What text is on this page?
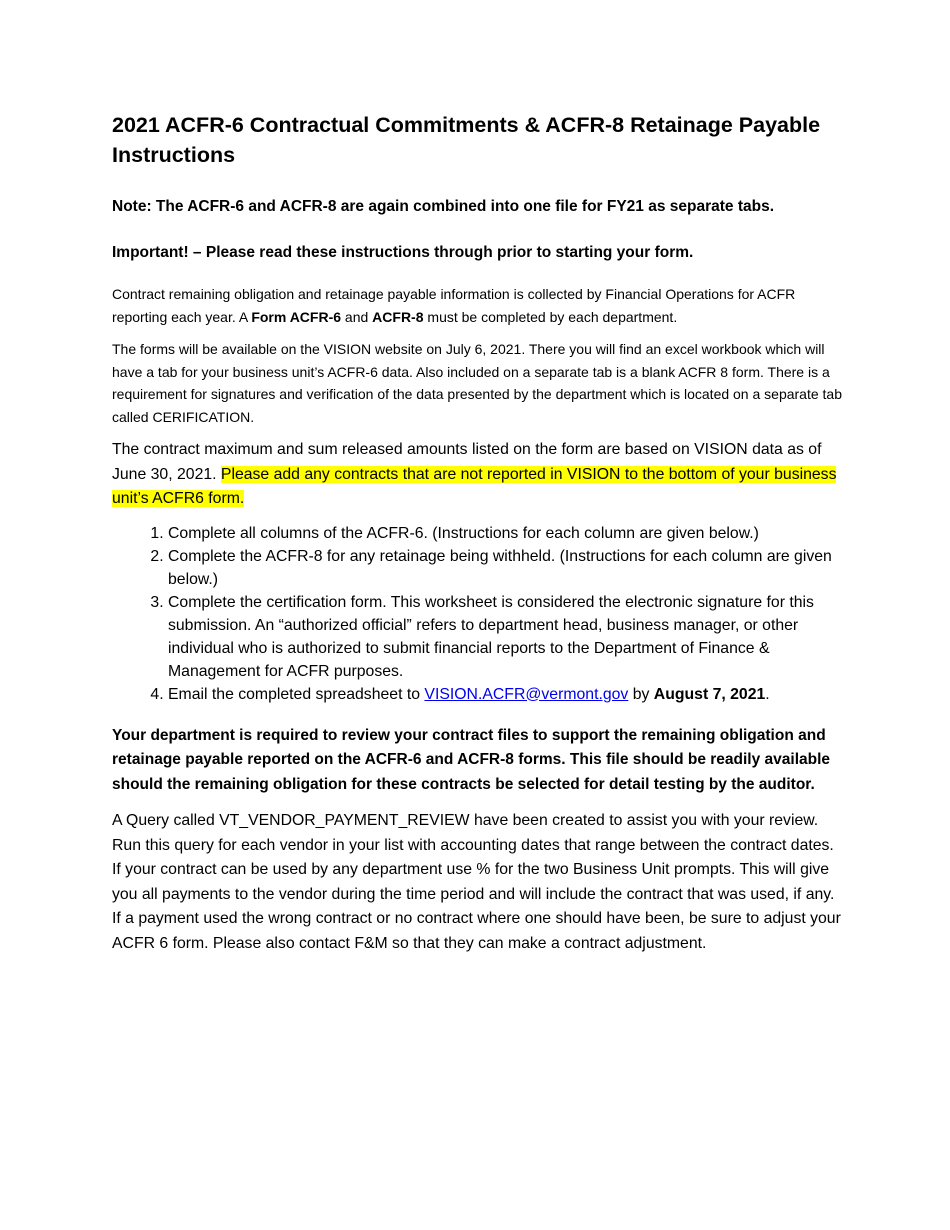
2021 ACFR-6 Contractual Commitments & ACFR-8 Retainage Payable Instructions

Note: The ACFR-6 and ACFR-8 are again combined into one file for FY21 as separate tabs.

Important! – Please read these instructions through prior to starting your form.

Contract remaining obligation and retainage payable information is collected by Financial Operations for ACFR reporting each year. A Form ACFR-6 and ACFR-8 must be completed by each department.

The forms will be available on the VISION website on July 6, 2021. There you will find an excel workbook which will have a tab for your business unit’s ACFR-6 data. Also included on a separate tab is a blank ACFR 8 form. There is a requirement for signatures and verification of the data presented by the department which is located on a separate tab called CERIFICATION.

The contract maximum and sum released amounts listed on the form are based on VISION data as of June 30, 2021. Please add any contracts that are not reported in VISION to the bottom of your business unit’s ACFR6 form.

1. Complete all columns of the ACFR-6. (Instructions for each column are given below.)
2. Complete the ACFR-8 for any retainage being withheld. (Instructions for each column are given below.)
3. Complete the certification form. This worksheet is considered the electronic signature for this submission. An “authorized official” refers to department head, business manager, or other individual who is authorized to submit financial reports to the Department of Finance & Management for ACFR purposes.
4. Email the completed spreadsheet to VISION.ACFR@vermont.gov by August 7, 2021.

Your department is required to review your contract files to support the remaining obligation and retainage payable reported on the ACFR-6 and ACFR-8 forms. This file should be readily available should the remaining obligation for these contracts be selected for detail testing by the auditor.

A Query called VT_VENDOR_PAYMENT_REVIEW have been created to assist you with your review. Run this query for each vendor in your list with accounting dates that range between the contract dates. If your contract can be used by any department use % for the two Business Unit prompts. This will give you all payments to the vendor during the time period and will include the contract that was used, if any. If a payment used the wrong contract or no contract where one should have been, be sure to adjust your ACFR 6 form. Please also contact F&M so that they can make a contract adjustment.
